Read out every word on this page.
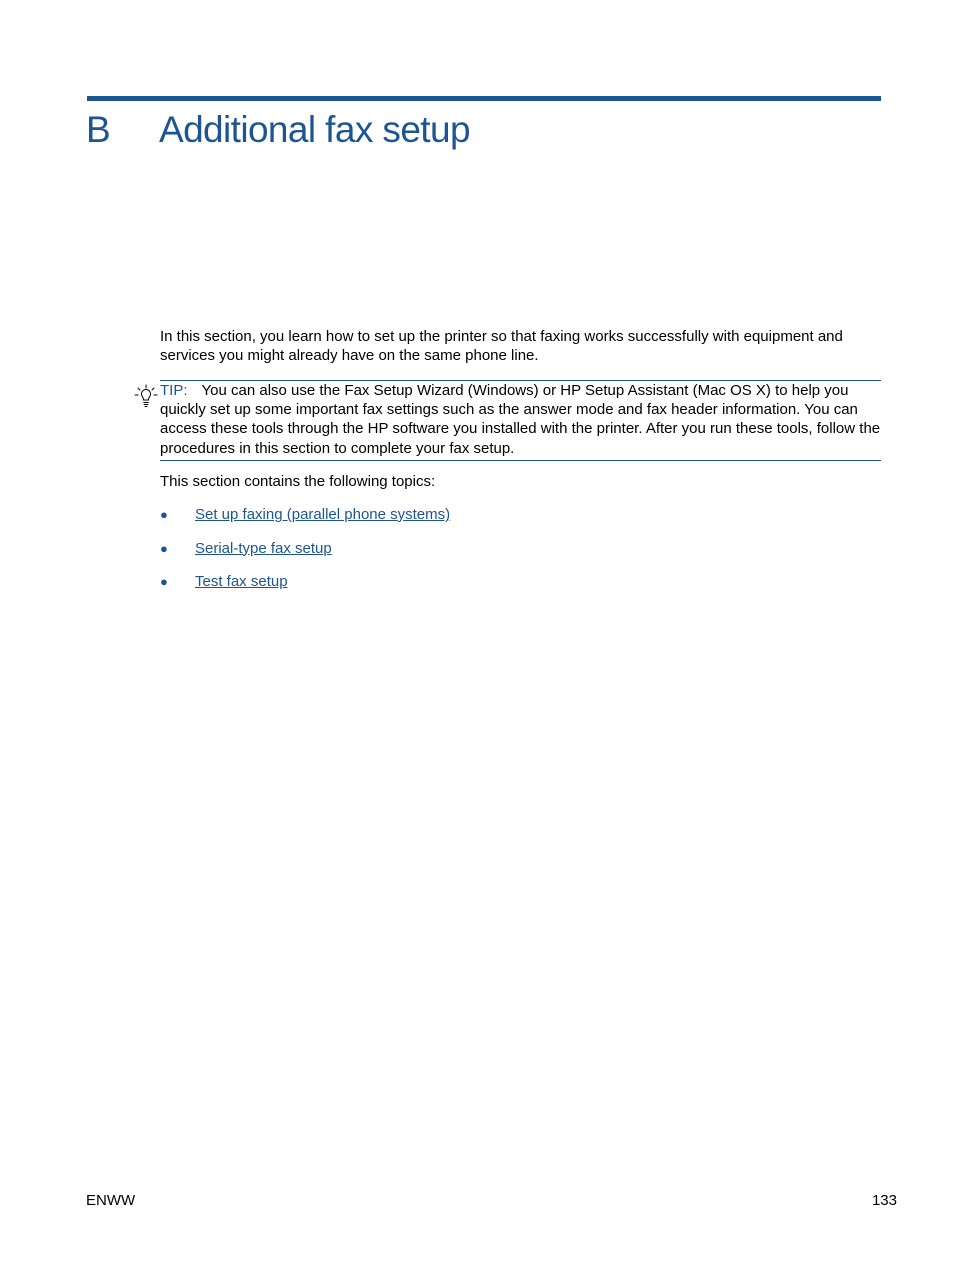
B Additional fax setup

In this section, you learn how to set up the printer so that faxing works successfully with equipment and services you might already have on the same phone line.

TIP: You can also use the Fax Setup Wizard (Windows) or HP Setup Assistant (Mac OS X) to help you quickly set up some important fax settings such as the answer mode and fax header information. You can access these tools through the HP software you installed with the printer. After you run these tools, follow the procedures in this section to complete your fax setup.

This section contains the following topics:

● Set up faxing (parallel phone systems)
● Serial-type fax setup
● Test fax setup
ENWW	133
